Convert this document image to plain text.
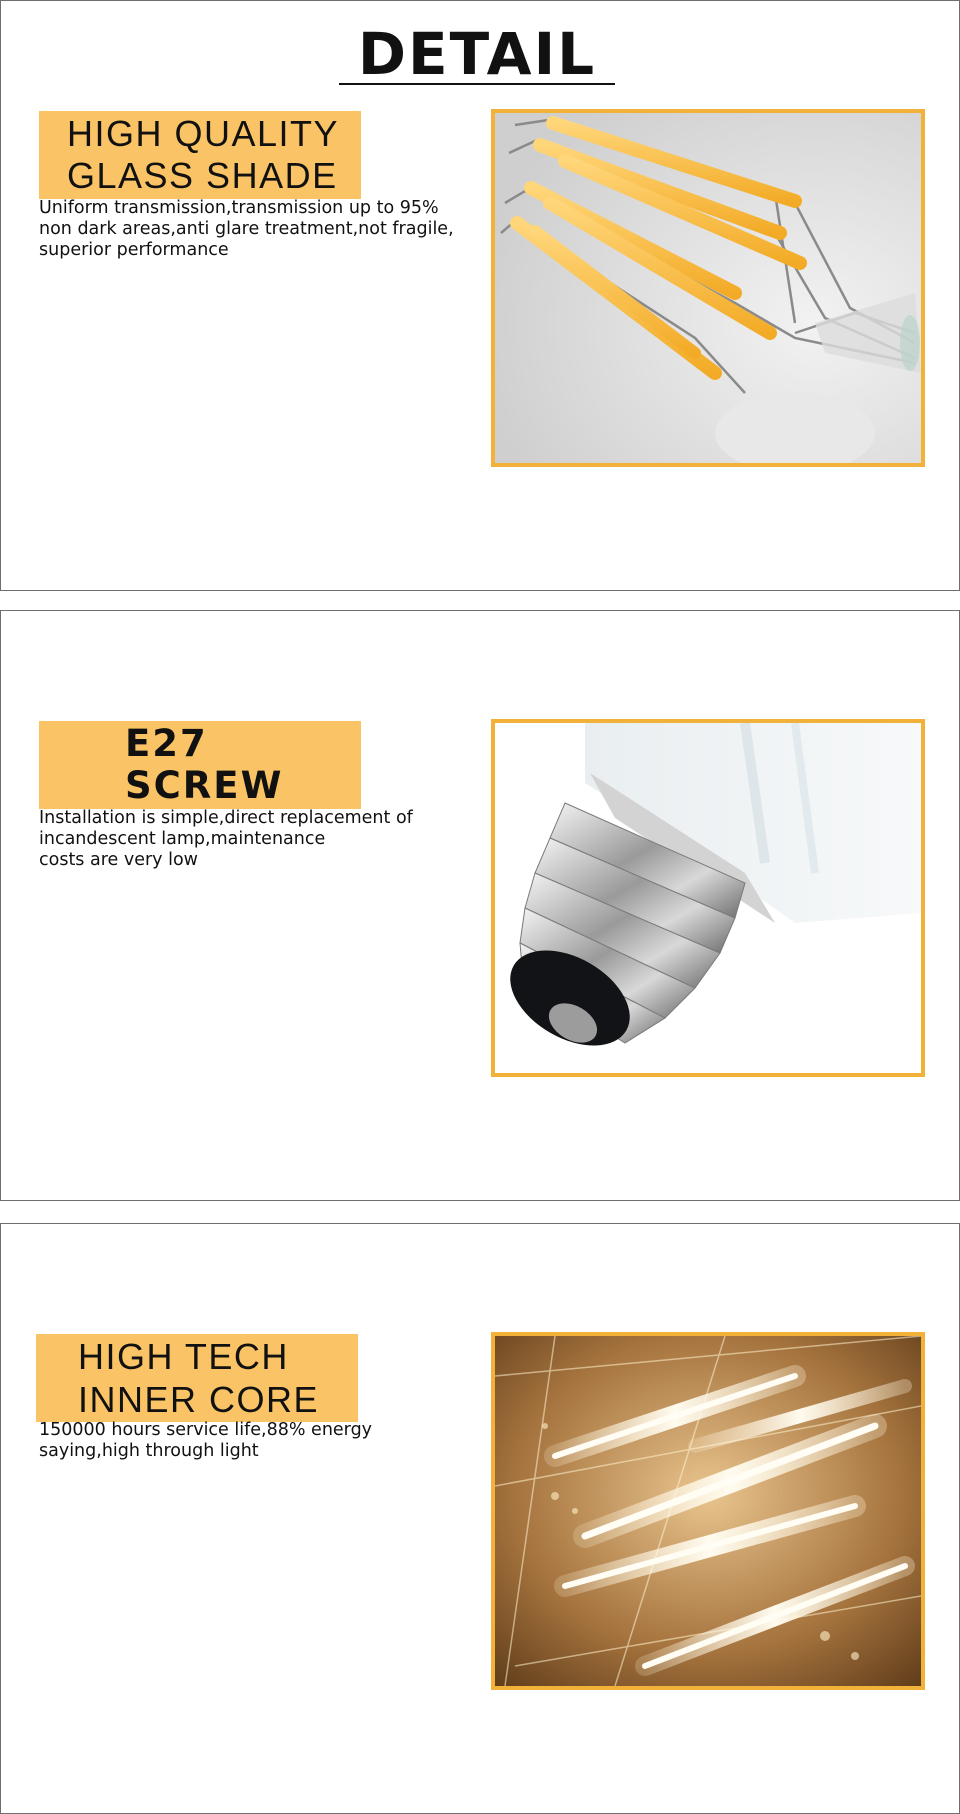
DETAIL
HIGH QUALITY
GLASS SHADE

Uniform transmission,transmission up to 95%
non dark areas,anti glare treatment,not fragile,
superior performance

E27
SCREW

Installation is simple,direct replacement of
incandescent lamp,maintenance
costs are very low

HIGH TECH
INNER CORE

150000 hours service life,88% energy
saying,high through light
